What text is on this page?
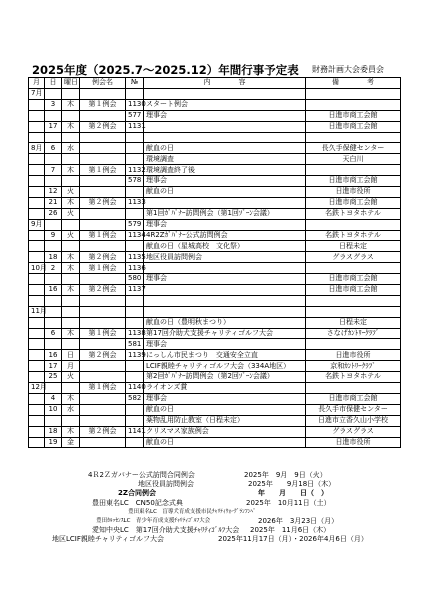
2025年度（2025.7～2025.12）年間行事予定表 財務計画大会委員会
月	日	曜日	例会名	№	内　　　　容	備　　　　考
7月						
	3	木	第１例会	1130	スタート例会	
				577	理事会	日進市商工会館
	17	木	第２例会	1131		日進市商工会館

8月	6	水			献血の日	長久手保健センター
					環境調査	天白川
	7	木	第１例会	1132	環境調査終了後	
				578	理事会	日進市商工会館
	12	火			献血の日	日進市役所
	21	木	第２例会	1133		日進市商工会館
	26	火			第1回ｶﾞﾊﾞﾅｰ訪問例会（第1回ｿﾞｰﾝ会議）	名鉄トヨタホテル
9月				579	理事会	
	9	火	第１例会	1134	4R2Zｶﾞﾊﾞﾅｰ公式訪問例会	名鉄トヨタホテル
					献血の日（星城高校　文化祭）	日程未定
	18	木	第２例会	1135	地区役員訪問例会	グラスグラス
10月	2	木	第１例会	1136		
				580	理事会	日進市商工会館
	16	木	第２例会	1137		日進市商工会館

11月						
					献血の日（豊明秋まつり）	日程未定
	6	木	第１例会	1138	第17回介助犬支援チャリティゴルフ大会	さなげｶﾝﾄﾘｰｸﾗﾌﾞ
				581	理事会	
	16	日	第２例会	1139	にっしん市民まつり　交通安全立直	日進市役所
	17	月			LCIF親睦チャリティゴルフ大会（334A地区）	京和ｶﾝﾄﾘｰｸﾗﾌﾞ
	25	火			第2回ｶﾞﾊﾞﾅｰ訪問例会（第2回ｿﾞｰﾝ会議）	名鉄トヨタホテル
12月			第１例会	1140	ライオンズ賞	
	4	木		582	理事会	日進市商工会館
	10	水			献血の日	長久手市保健センター
					薬物乱用防止教室（日程未定）	日進市立香久山小学校
	18	木	第２例会	1141	クリスマス家族例会	グラスグラス
	19	金			献血の日	日進市役所
4Ｒ2Ｚガバナー公式訪問合同例会	2025年　9月　9日（火）
地区役員訪問例会	2025年　　9月18日（木）
2Z合同例会	年　　月　　日（　）
豊田東名LC　CN50記念式典	2025年　10月11日（土）
豊田東名LC　盲導犬育成支援市民ﾁｬﾘﾃｨｳｫｰｸﾞﾗﾝﾌﾝﾍﾟ
豊田ｶﾙｯｾﾝｽLC　青少年育成支援ﾁｬﾘﾃｨｺﾞﾙﾌ大会	2026年　3月23日（月）
愛知中央LC　第17回介助犬支援ﾁｬﾘﾃｨｺﾞﾙﾌ大会 2025年　11月6日（木）
地区LCIF親睦チャリティゴルフ大会	2025年11月17日（月）・2026年4月6日（月）
